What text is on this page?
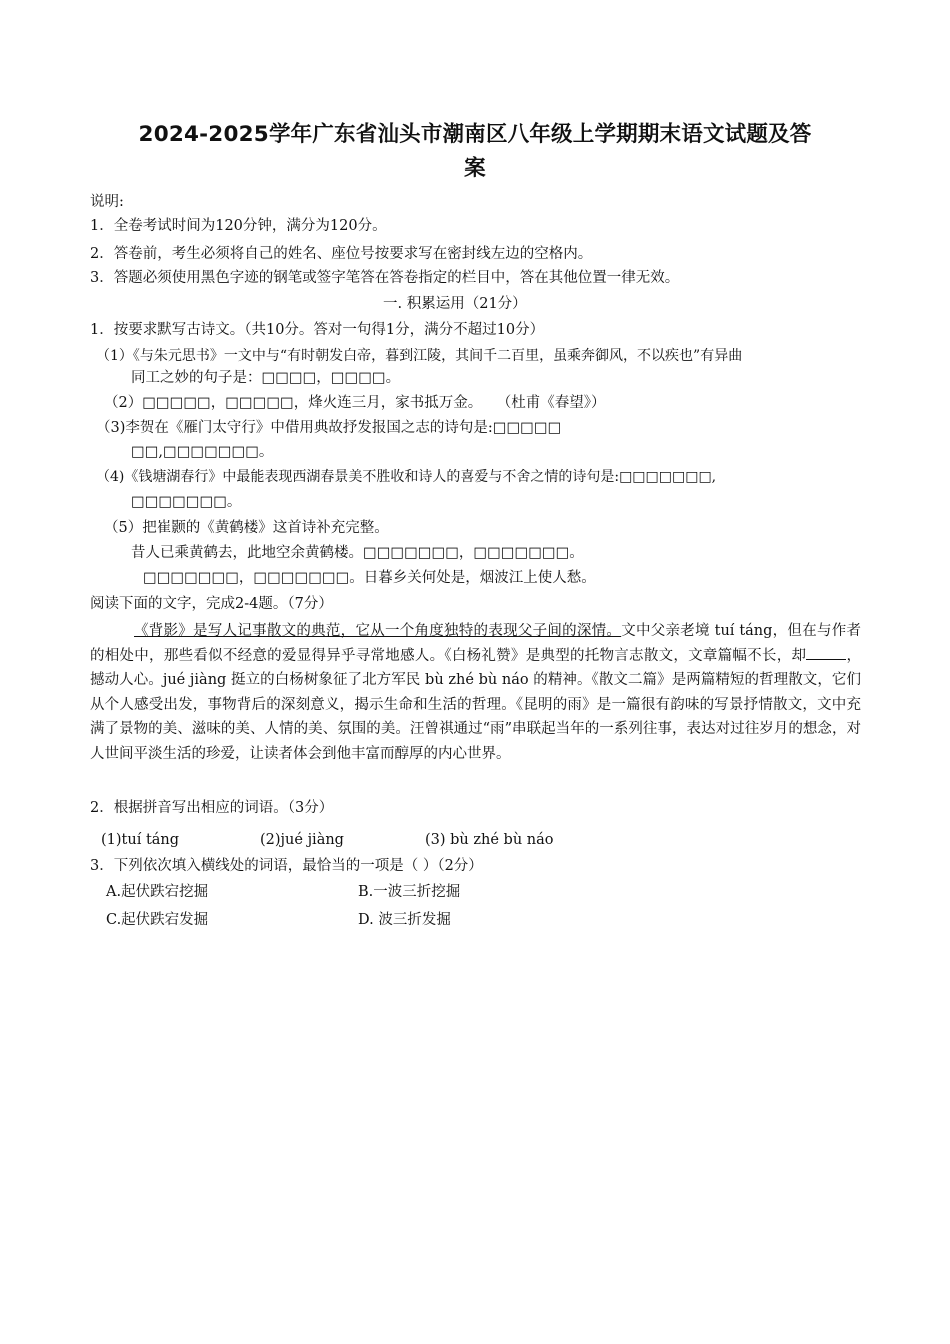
2024-2025学年广东省汕头市潮南区八年级上学期期末语文试题及答
案
说明:
1．全卷考试时间为120分钟，满分为120分。
2．答卷前，考生必须将自己的姓名、座位号按要求写在密封线左边的空格内。
3．答题必须使用黑色字迹的钢笔或签字笔答在答卷指定的栏目中，答在其他位置一律无效。
一. 积累运用（21分）
1．按要求默写古诗文。（共10分。答对一句得1分，满分不超过10分）
（1）《与朱元思书》一文中与“有时朝发白帝，暮到江陵，其间千二百里，虽乘奔御风，不以疾也”有异曲
同工之妙的句子是：□□□□，□□□□。
（2）□□□□□，□□□□□，烽火连三月，家书抵万金。　　（杜甫《春望》）
（3)李贺在《雁门太守行》中借用典故抒发报国之志的诗句是:□□□□□
□□,□□□□□□□。
（4)《钱塘湖春行》中最能表现西湖春景美不胜收和诗人的喜爱与不舍之情的诗句是:□□□□□□□,
□□□□□□□。
（5）把崔颢的《黄鹤楼》这首诗补充完整。
昔人已乘黄鹤去，此地空余黄鹤楼。□□□□□□□，□□□□□□□。
□□□□□□□，□□□□□□□。日暮乡关何处是，烟波江上使人愁。
阅读下面的文字，完成2-4题。（7分）
《背影》是写人记事散文的典范，它从一个角度独特的表现父子间的深情。文中父亲老境 tuí táng，但在与作者的相处中，那些看似不经意的爱显得异乎寻常地感人。《白杨礼赞》是典型的托物言志散文，文章篇幅不长，却	，撼动人心。jué jiàng 挺立的白杨树象征了北方军民 bù zhé bù náo 的精神。《散文二篇》是两篇精短的哲理散文，它们从个人感受出发，事物背后的深刻意义，揭示生命和生活的哲理。《昆明的雨》是一篇很有韵味的写景抒情散文，文中充满了景物的美、滋味的美、人情的美、氛围的美。汪曾祺通过“雨”串联起当年的一系列往事，表达对过往岁月的想念，对人世间平淡生活的珍爱，让读者体会到他丰富而醇厚的内心世界。
2．根据拼音写出相应的词语。（3分）
(1)tuí táng	(2)jué jiàng	(3) bù zhé bù náo
3．下列依次填入横线处的词语，最恰当的一项是（ ）（2分）
A.起伏跌宕挖掘	B.一波三折挖掘
C.起伏跌宕发掘	D. 波三折发掘
